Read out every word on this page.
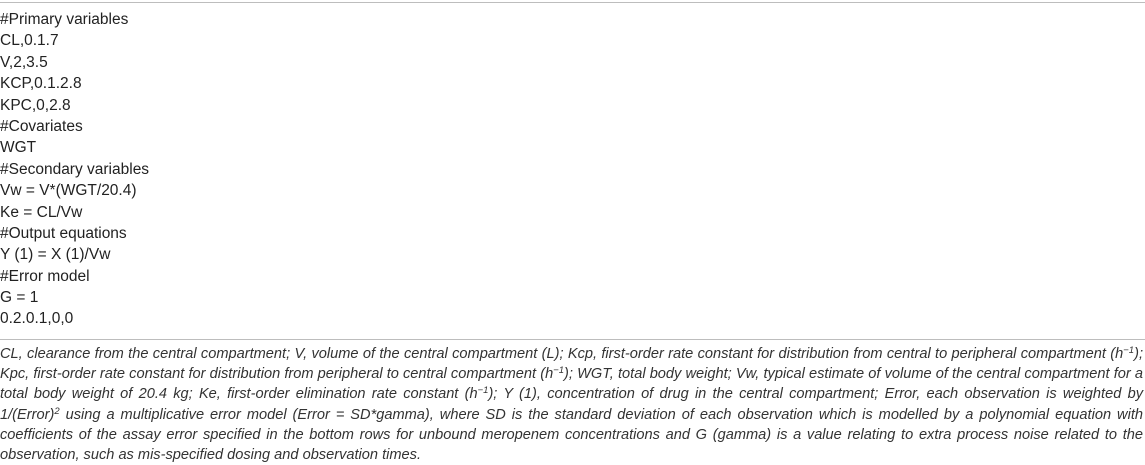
#Primary variables
CL,0.1.7
V,2,3.5
KCP,0.1.2.8
KPC,0,2.8
#Covariates
WGT
#Secondary variables
Vw = V*(WGT/20.4)
Ke = CL/Vw
#Output equations
Y (1) = X (1)/Vw
#Error model
G = 1
0.2.0.1,0,0

CL, clearance from the central compartment; V, volume of the central compartment (L); Kcp, first-order rate constant for distribution from central to peripheral compartment $(h^{-1})$; Kpc, first-order rate constant for distribution from peripheral to central compartment $(h^{-1})$; WGT, total body weight; Vw, typical estimate of volume of the central compartment for a total body weight of 20.4 kg; Ke, first-order elimination rate constant $(h^{-1})$; Y (1), concentration of drug in the central compartment; Error, each observation is weighted by 1/(Error)$^2$ using a multiplicative error model (Error = SD*gamma), where SD is the standard deviation of each observation which is modelled by a polynomial equation with coefficients of the assay error specified in the bottom rows for unbound meropenem concentrations and G (gamma) is a value relating to extra process noise related to the observation, such as mis-specified dosing and observation times.
